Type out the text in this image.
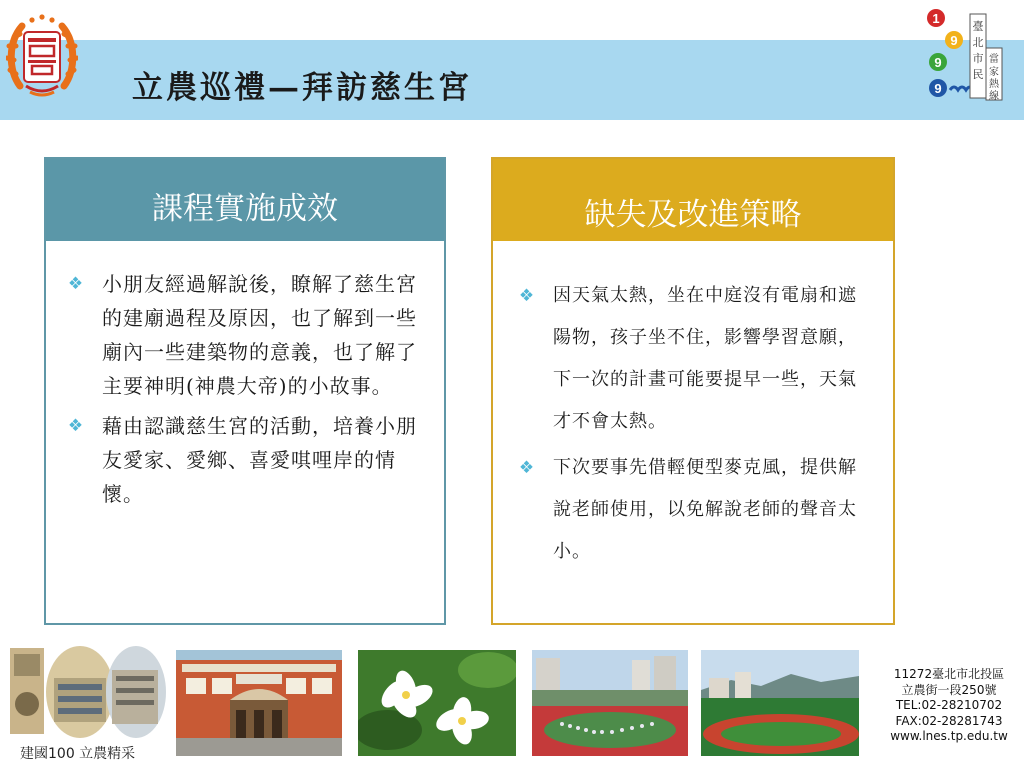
立農巡禮—拜訪慈生宮
1
9
9
9
臺
北
市
民
當
家
熱
線
課程實施成效
❖ 小朋友經過解說後，瞭解了慈生宮的建廟過程及原因，也了解到一些廟內一些建築物的意義，也了解了主要神明(神農大帝)的小故事。
❖ 藉由認識慈生宮的活動，培養小朋友愛家、愛鄉、喜愛唭哩岸的情懷。
缺失及改進策略
❖ 因天氣太熱，坐在中庭沒有電扇和遮陽物，孩子坐不住，影響學習意願，下一次的計畫可能要提早一些，天氣才不會太熱。
❖ 下次要事先借輕便型麥克風，提供解說老師使用，以免解說老師的聲音太小。
建國100 立農精采
11272臺北市北投區
立農街一段250號
TEL:02-28210702
FAX:02-28281743
www.lnes.tp.edu.tw
